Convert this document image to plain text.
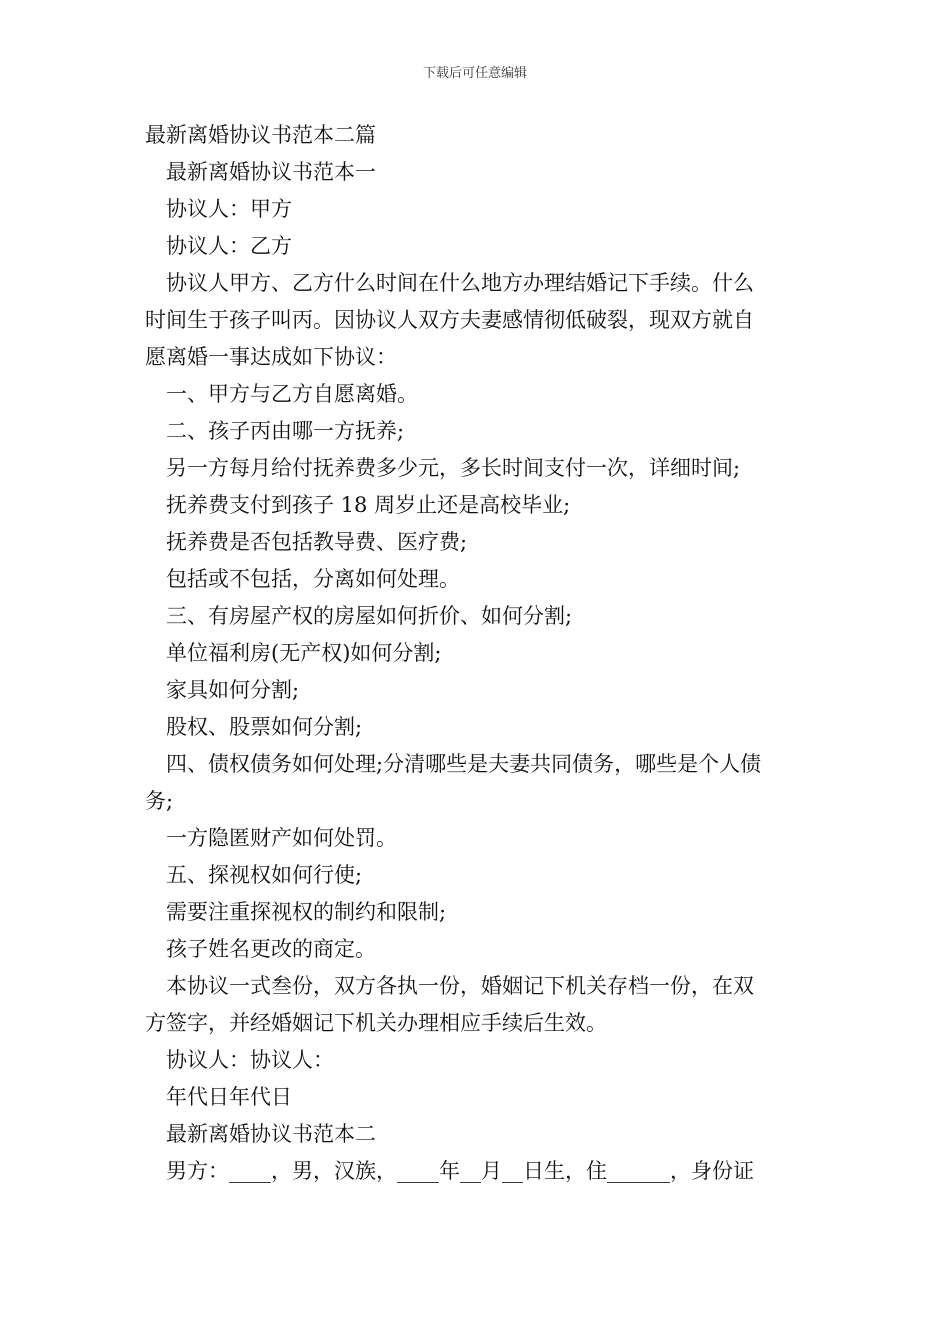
下载后可任意编辑
最新离婚协议书范本二篇
最新离婚协议书范本一
协议人：甲方
协议人：乙方
协议人甲方、乙方什么时间在什么地方办理结婚记下手续。什么
时间生于孩子叫丙。因协议人双方夫妻感情彻低破裂，现双方就自
愿离婚一事达成如下协议：
一、甲方与乙方自愿离婚。
二、孩子丙由哪一方抚养;
另一方每月给付抚养费多少元，多长时间支付一次，详细时间;
抚养费支付到孩子 18 周岁止还是高校毕业;
抚养费是否包括教导费、医疗费;
包括或不包括，分离如何处理。
三、有房屋产权的房屋如何折价、如何分割;
单位福利房(无产权)如何分割;
家具如何分割;
股权、股票如何分割;
四、债权债务如何处理;分清哪些是夫妻共同债务，哪些是个人债
务;
一方隐匿财产如何处罚。
五、探视权如何行使;
需要注重探视权的制约和限制;
孩子姓名更改的商定。
本协议一式叁份，双方各执一份，婚姻记下机关存档一份，在双
方签字，并经婚姻记下机关办理相应手续后生效。
协议人：协议人：
年代日年代日
最新离婚协议书范本二
男方：____，男，汉族，____年__月__日生，住______，身份证
